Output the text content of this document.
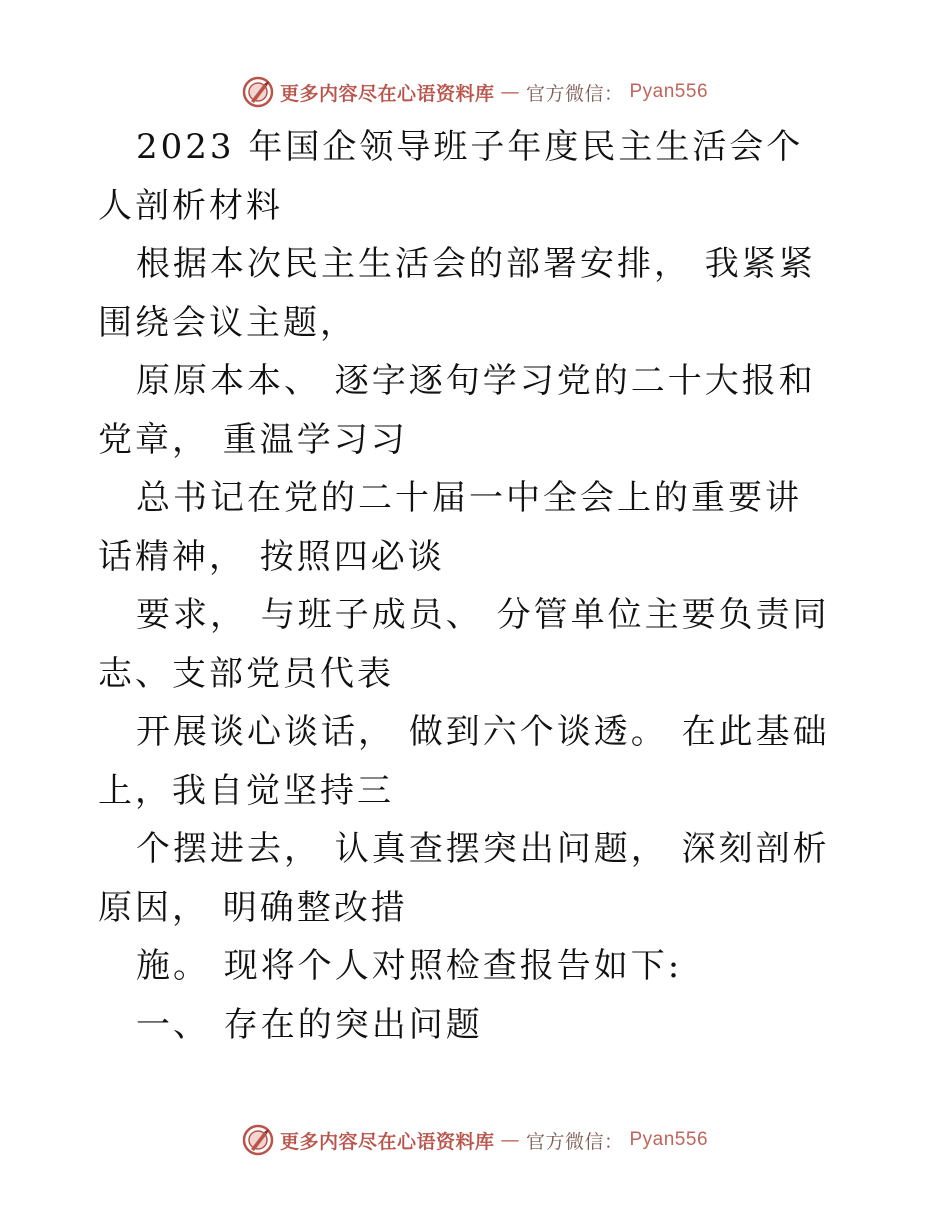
更多内容尽在心语资料库 — 官方微信： Pyan556

2023 年国企领导班子年度民主生活会个人剖析材料

根据本次民主生活会的部署安排， 我紧紧围绕会议主题，

原原本本、 逐字逐句学习党的二十大报和党章， 重温学习习

总书记在党的二十届一中全会上的重要讲话精神， 按照四必谈

要求， 与班子成员、 分管单位主要负责同志、支部党员代表

开展谈心谈话， 做到六个谈透。 在此基础上，我自觉坚持三

个摆进去， 认真查摆突出问题， 深刻剖析原因， 明确整改措

施。 现将个人对照检查报告如下:

一、 存在的突出问题

更多内容尽在心语资料库 — 官方微信： Pyan556
